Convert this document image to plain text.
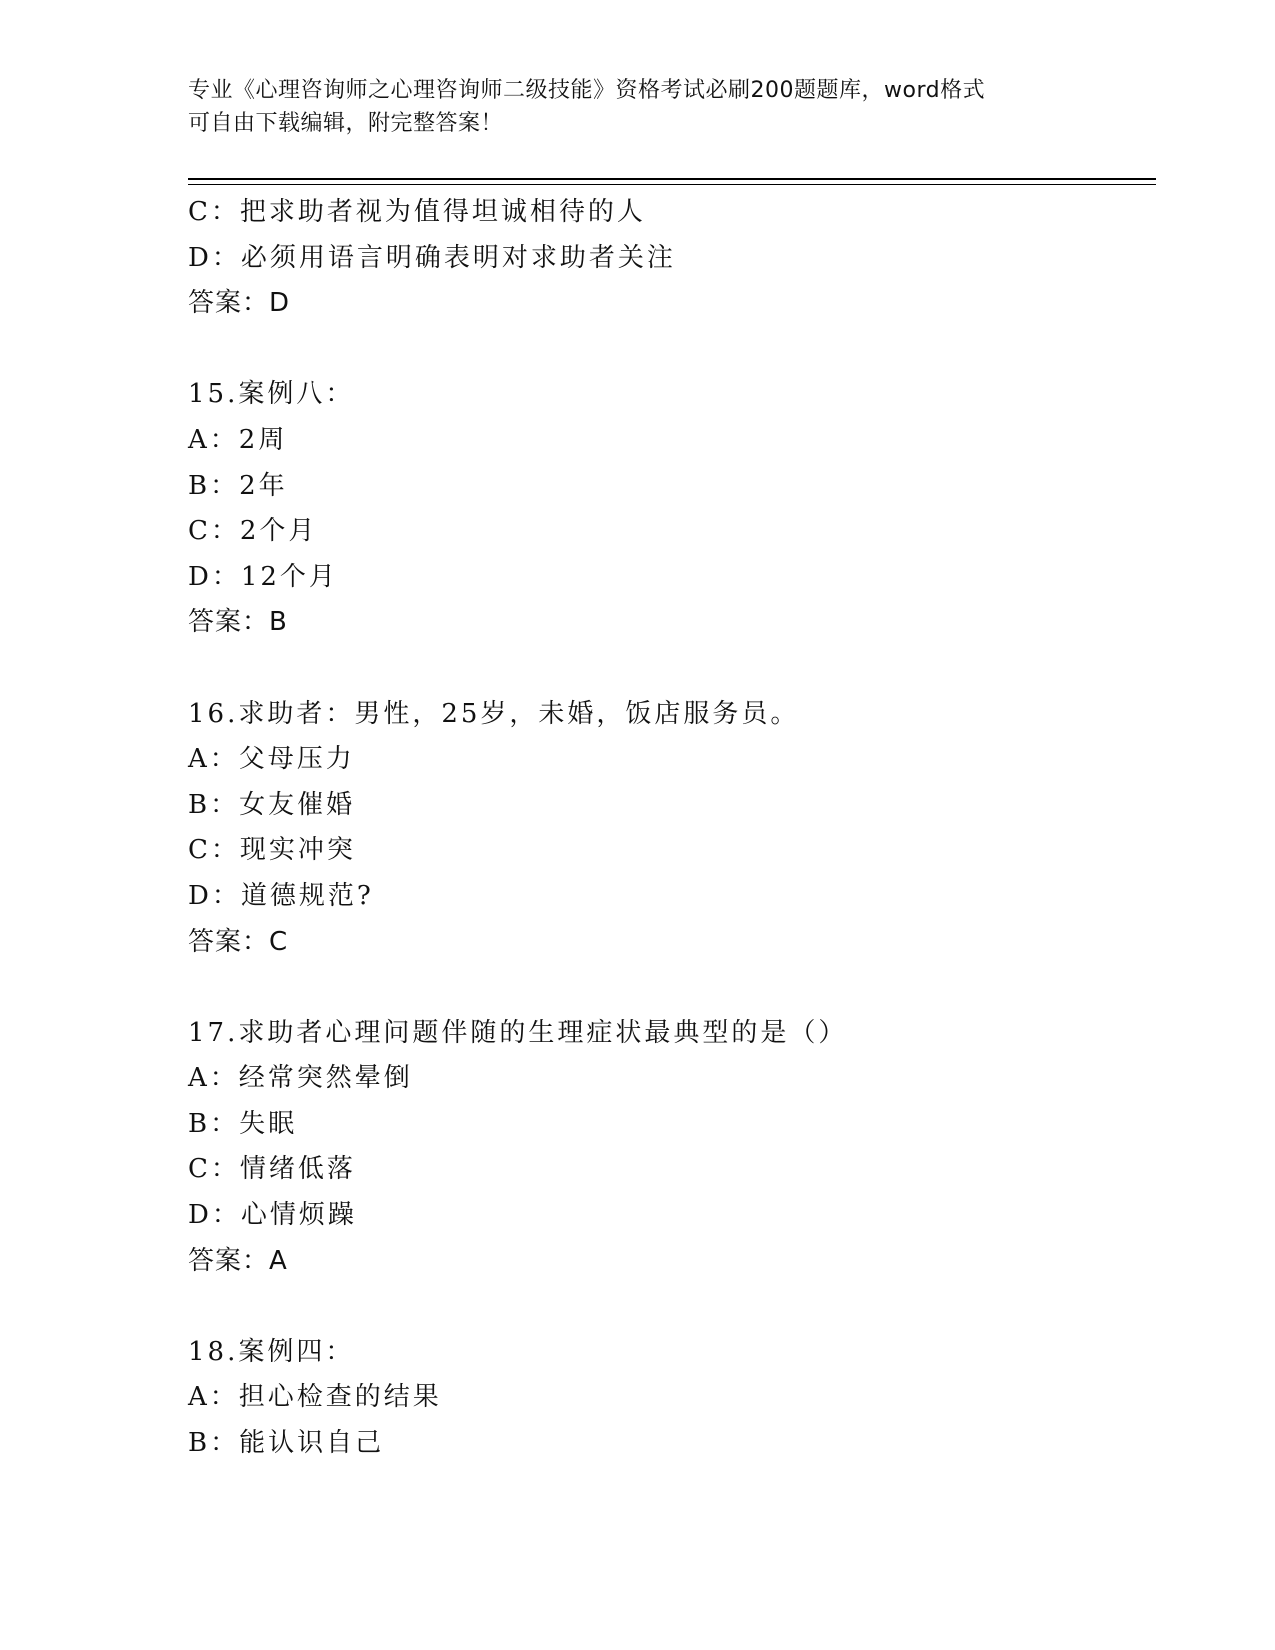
专业《心理咨询师之心理咨询师二级技能》资格考试必刷200题题库，word格式
可自由下载编辑，附完整答案！
C：把求助者视为值得坦诚相待的人
D：必须用语言明确表明对求助者关注
答案：D
15.案例八：
A：2周
B：2年
C：2个月
D：12个月
答案：B
16.求助者：男性，25岁，未婚，饭店服务员。
A：父母压力
B：女友催婚
C：现实冲突
D：道德规范?
答案：C
17.求助者心理问题伴随的生理症状最典型的是（）
A：经常突然晕倒
B：失眠
C：情绪低落
D：心情烦躁
答案：A
18.案例四：
A：担心检查的结果
B：能认识自己
